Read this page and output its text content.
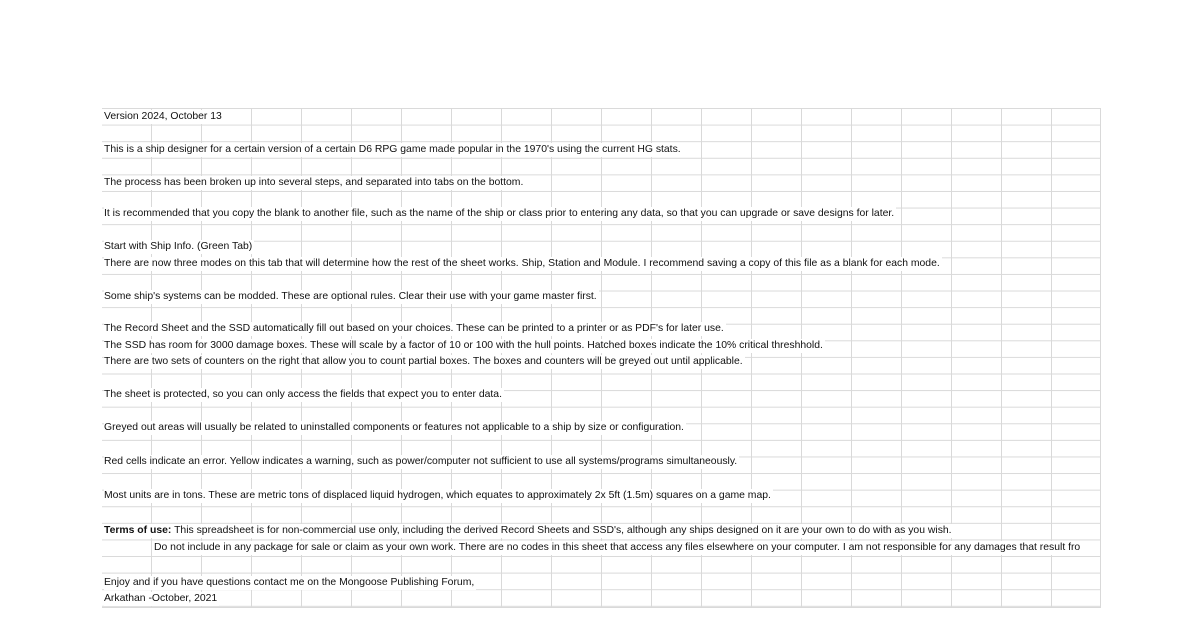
Version 2024, October 13
This is a ship designer for a certain version of a certain D6 RPG game made popular in the 1970's using the current HG stats.
The process has been broken up into several steps, and separated into tabs on the bottom.
It is recommended that you copy the blank to another file, such as the name of the ship or class prior to entering any data, so that you can upgrade or save designs for later.
Start with Ship Info. (Green Tab)
There are now three modes on this tab that will determine how the rest of the sheet works. Ship, Station and Module. I recommend saving a copy of this file as a blank for each mode.
Some ship's systems can be modded. These are optional rules. Clear their use with your game master first.
The Record Sheet and the SSD automatically fill out based on your choices. These can be printed to a printer or as PDF's for later use.
The SSD has room for 3000 damage boxes. These will scale by a factor of 10 or 100 with the hull points. Hatched boxes indicate the 10% critical threshhold.
There are two sets of counters on the right that allow you to count partial boxes. The boxes and counters will be greyed out until applicable.
The sheet is protected, so you can only access the fields that expect you to enter data.
Greyed out areas will usually be related to uninstalled components or features not applicable to a ship by size or configuration.
Red cells indicate an error. Yellow indicates a warning, such as power/computer not sufficient to use all systems/programs simultaneously.
Most units are in tons. These are metric tons of displaced liquid hydrogen, which equates to approximately 2x 5ft (1.5m) squares on a game map.
Terms of use: This spreadsheet is for non-commercial use only, including the derived Record Sheets and SSD's, although any ships designed on it are your own to do with as you wish.
Do not include in any package for sale or claim as your own work. There are no codes in this sheet that access any files elsewhere on your computer. I am not responsible for any damages that result fro
Enjoy and if you have questions contact me on the Mongoose Publishing Forum,
Arkathan -October, 2021
